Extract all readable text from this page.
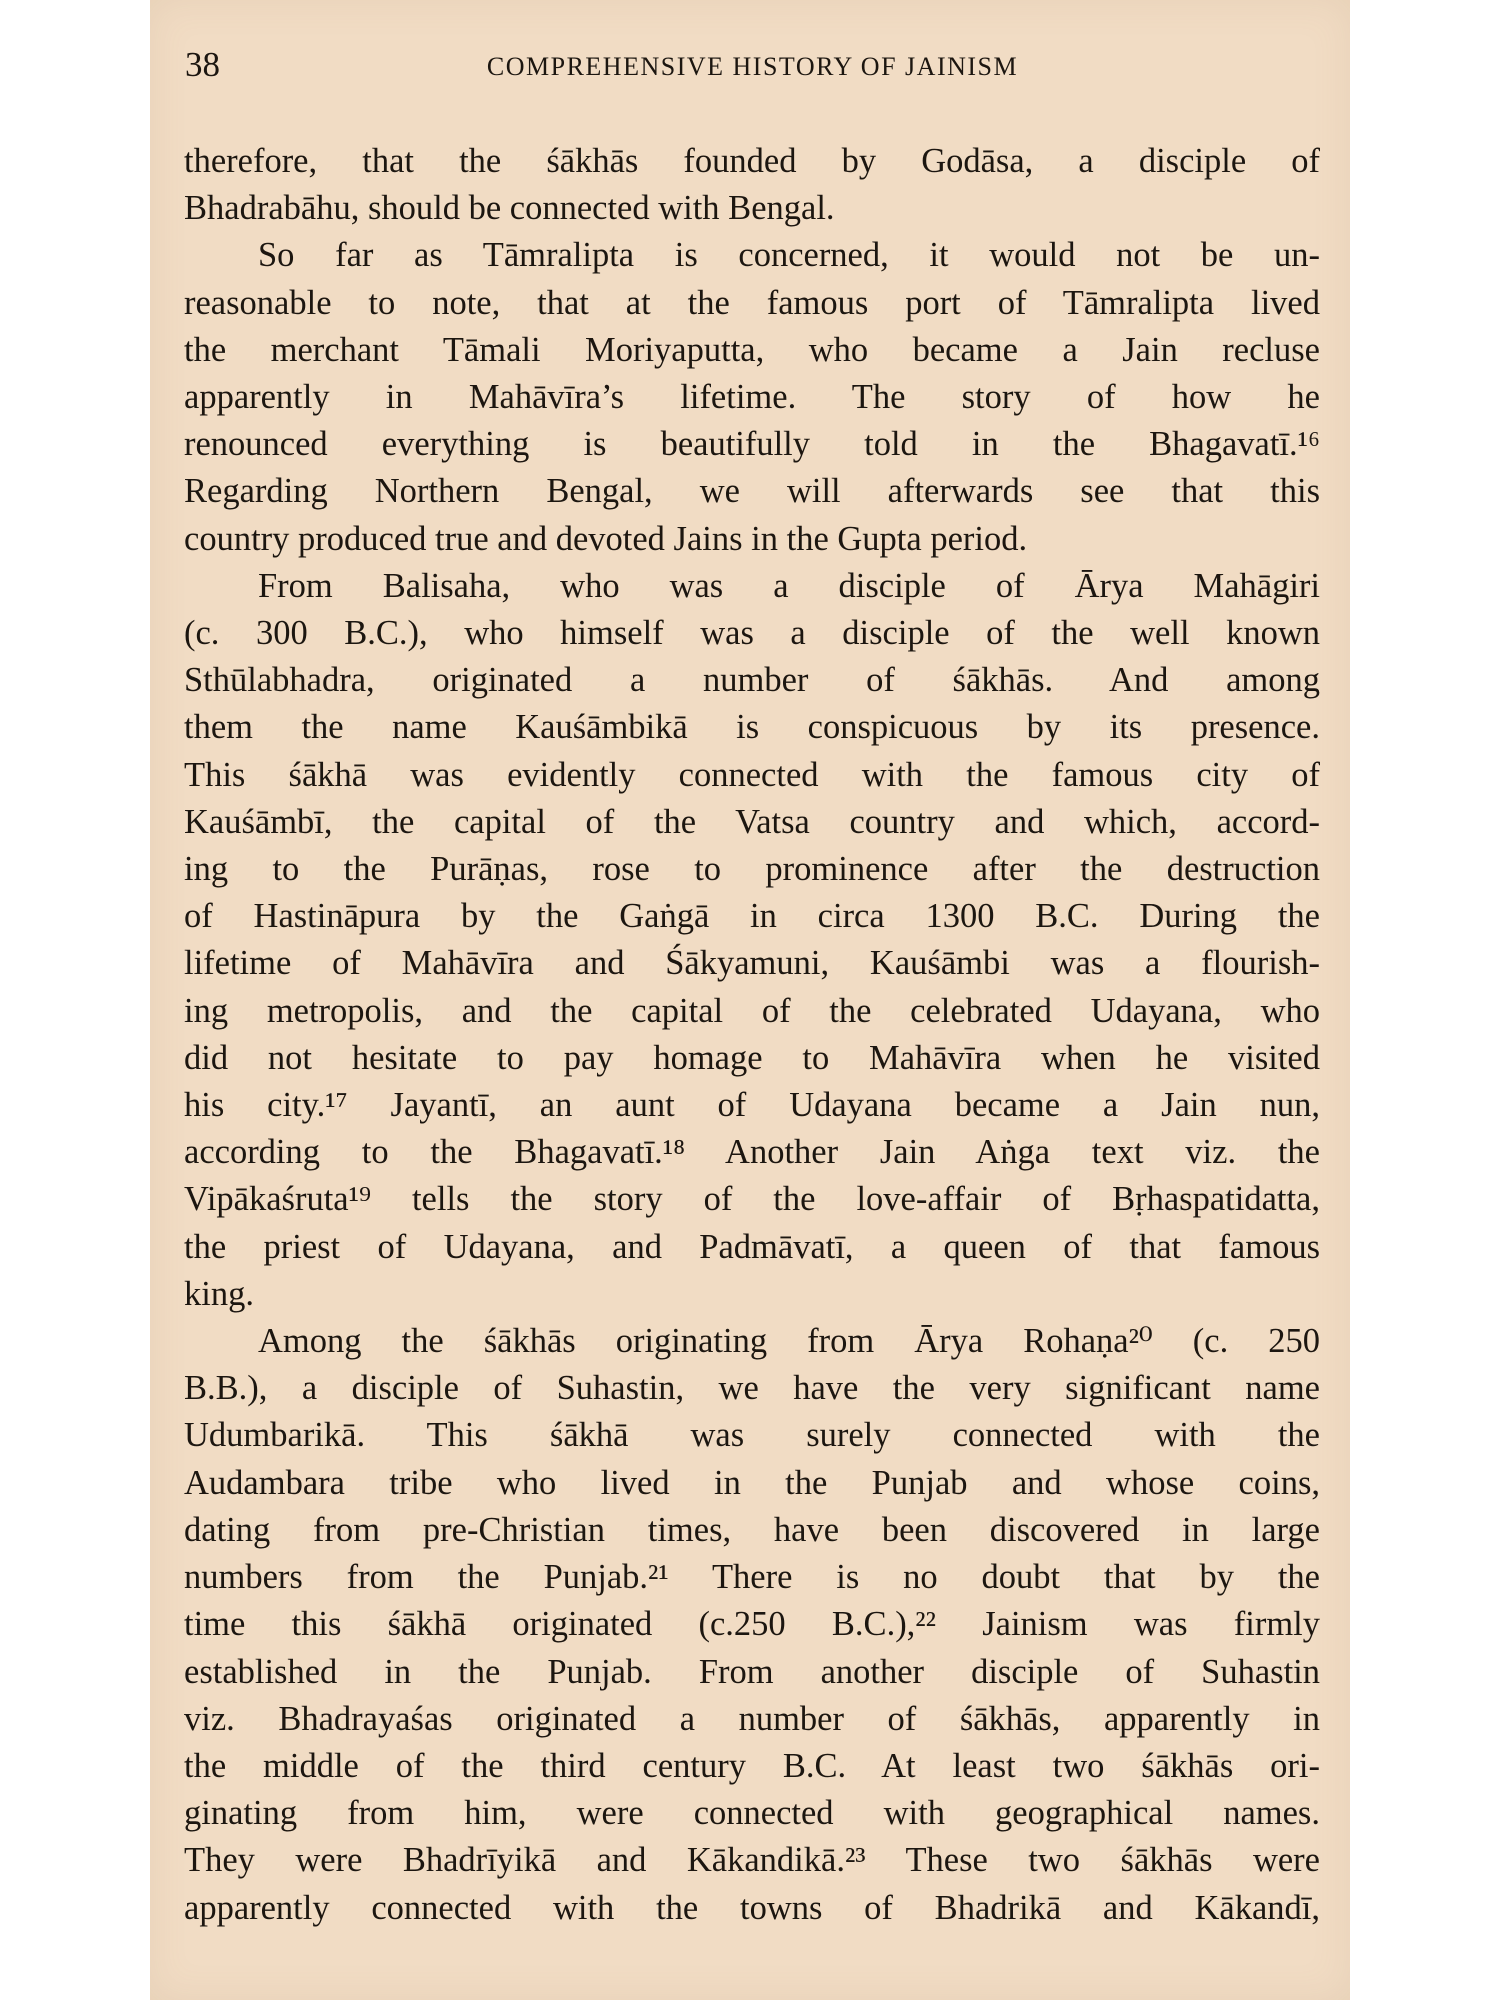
38	COMPREHENSIVE HISTORY OF JAINISM
therefore, that the śākhās founded by Godāsa, a disciple of
Bhadrabāhu, should be connected with Bengal.
So far as Tāmralipta is concerned, it would not be un-
reasonable to note, that at the famous port of Tāmralipta lived
the merchant Tāmali Moriyaputta, who became a Jain recluse
apparently in Mahāvīra’s lifetime. The story of how he
renounced everything is beautifully told in the Bhagavatī.¹⁶
Regarding Northern Bengal, we will afterwards see that this
country produced true and devoted Jains in the Gupta period.
From Balisaha, who was a disciple of Ārya Mahāgiri
(c. 300 B.C.), who himself was a disciple of the well known
Sthūlabhadra, originated a number of śākhās. And among
them the name Kauśāmbikā is conspicuous by its presence.
This śākhā was evidently connected with the famous city of
Kauśāmbī, the capital of the Vatsa country and which, accord-
ing to the Purāṇas, rose to prominence after the destruction
of Hastināpura by the Gaṅgā in circa 1300 B.C. During the
lifetime of Mahāvīra and Śākyamuni, Kauśāmbi was a flourish-
ing metropolis, and the capital of the celebrated Udayana, who
did not hesitate to pay homage to Mahāvīra when he visited
his city.¹⁷ Jayantī, an aunt of Udayana became a Jain nun,
according to the Bhagavatī.¹⁸ Another Jain Aṅga text viz. the
Vipākaśruta¹⁹ tells the story of the love-affair of Bṛhaspatidatta,
the priest of Udayana, and Padmāvatī, a queen of that famous
king.
Among the śākhās originating from Ārya Rohaṇa²⁰ (c. 250
B.B.), a disciple of Suhastin, we have the very significant name
Udumbarikā. This śākhā was surely connected with the
Audambara tribe who lived in the Punjab and whose coins,
dating from pre-Christian times, have been discovered in large
numbers from the Punjab.²¹ There is no doubt that by the
time this śākhā originated (c.250 B.C.),²² Jainism was firmly
established in the Punjab. From another disciple of Suhastin
viz. Bhadrayaśas originated a number of śākhās, apparently in
the middle of the third century B.C. At least two śākhās ori-
ginating from him, were connected with geographical names.
They were Bhadrīyikā and Kākandikā.²³ These two śākhās were
apparently connected with the towns of Bhadrikā and Kākandī,
